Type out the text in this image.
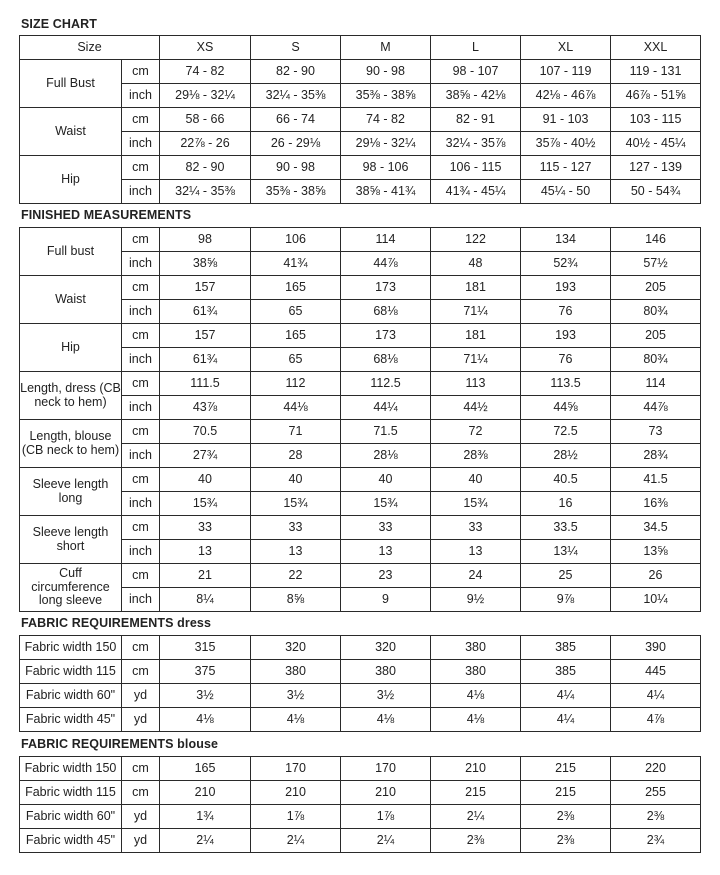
SIZE CHART
Size		XS	S	M	L	XL	XXL
Full Bust	cm	74 - 82	82 - 90	90 - 98	98 - 107	107 - 119	119 - 131
	inch	29⅛ - 32¼	32¼ - 35⅜	35⅜ - 38⅝	38⅝ - 42⅛	42⅛ - 46⅞	46⅞ - 51⅝
Waist	cm	58 - 66	66 - 74	74 - 82	82 - 91	91 - 103	103 - 115
	inch	22⅞ - 26	26 - 29⅛	29⅛ - 32¼	32¼ - 35⅞	35⅞ - 40½	40½ - 45¼
Hip	cm	82 - 90	90 - 98	98 - 106	106 - 115	115 - 127	127 - 139
	inch	32¼ - 35⅜	35⅜ - 38⅝	38⅝ - 41¾	41¾ - 45¼	45¼ - 50	50 - 54¾
FINISHED MEASUREMENTS
Full bust	cm	98	106	114	122	134	146
	inch	38⅝	41¾	44⅞	48	52¾	57½
Waist	cm	157	165	173	181	193	205
	inch	61¾	65	68⅛	71¼	76	80¾
Hip	cm	157	165	173	181	193	205
	inch	61¾	65	68⅛	71¼	76	80¾
Length, dress (CB neck to hem)	cm	111.5	112	112.5	113	113.5	114
	inch	43⅞	44⅛	44¼	44½	44⅝	44⅞
Length, blouse (CB neck to hem)	cm	70.5	71	71.5	72	72.5	73
	inch	27¾	28	28⅛	28⅜	28½	28¾
Sleeve length long	cm	40	40	40	40	40.5	41.5
	inch	15¾	15¾	15¾	15¾	16	16⅜
Sleeve length short	cm	33	33	33	33	33.5	34.5
	inch	13	13	13	13	13¼	13⅝
Cuff circumference long sleeve	cm	21	22	23	24	25	26
	inch	8¼	8⅝	9	9½	9⅞	10¼
FABRIC REQUIREMENTS dress
Fabric width 150	cm	315	320	320	380	385	390
Fabric width 115	cm	375	380	380	380	385	445
Fabric width 60"	yd	3½	3½	3½	4⅛	4¼	4¼
Fabric width 45"	yd	4⅛	4⅛	4⅛	4⅛	4¼	4⅞
FABRIC REQUIREMENTS blouse
Fabric width 150	cm	165	170	170	210	215	220
Fabric width 115	cm	210	210	210	215	215	255
Fabric width 60"	yd	1¾	1⅞	1⅞	2¼	2⅜	2⅜
Fabric width 45"	yd	2¼	2¼	2¼	2⅜	2⅜	2¾
